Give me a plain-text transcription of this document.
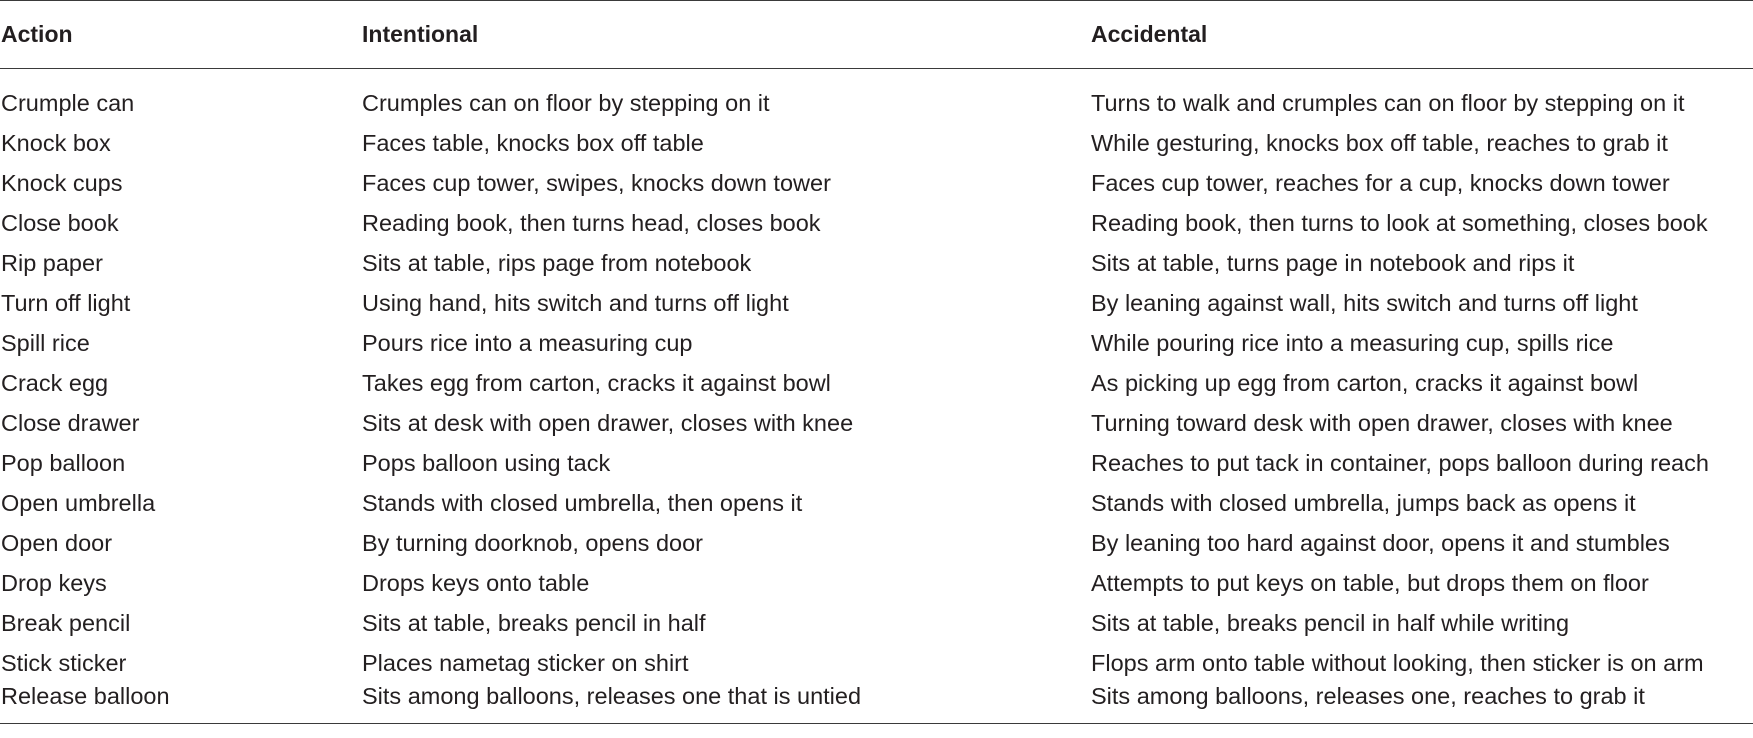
Action	Intentional	Accidental
Crumple can	Crumples can on floor by stepping on it	Turns to walk and crumples can on floor by stepping on it
Knock box	Faces table, knocks box off table	While gesturing, knocks box off table, reaches to grab it
Knock cups	Faces cup tower, swipes, knocks down tower	Faces cup tower, reaches for a cup, knocks down tower
Close book	Reading book, then turns head, closes book	Reading book, then turns to look at something, closes book
Rip paper	Sits at table, rips page from notebook	Sits at table, turns page in notebook and rips it
Turn off light	Using hand, hits switch and turns off light	By leaning against wall, hits switch and turns off light
Spill rice	Pours rice into a measuring cup	While pouring rice into a measuring cup, spills rice
Crack egg	Takes egg from carton, cracks it against bowl	As picking up egg from carton, cracks it against bowl
Close drawer	Sits at desk with open drawer, closes with knee	Turning toward desk with open drawer, closes with knee
Pop balloon	Pops balloon using tack	Reaches to put tack in container, pops balloon during reach
Open umbrella	Stands with closed umbrella, then opens it	Stands with closed umbrella, jumps back as opens it
Open door	By turning doorknob, opens door	By leaning too hard against door, opens it and stumbles
Drop keys	Drops keys onto table	Attempts to put keys on table, but drops them on floor
Break pencil	Sits at table, breaks pencil in half	Sits at table, breaks pencil in half while writing
Stick sticker	Places nametag sticker on shirt	Flops arm onto table without looking, then sticker is on arm
Release balloon	Sits among balloons, releases one that is untied	Sits among balloons, releases one, reaches to grab it
